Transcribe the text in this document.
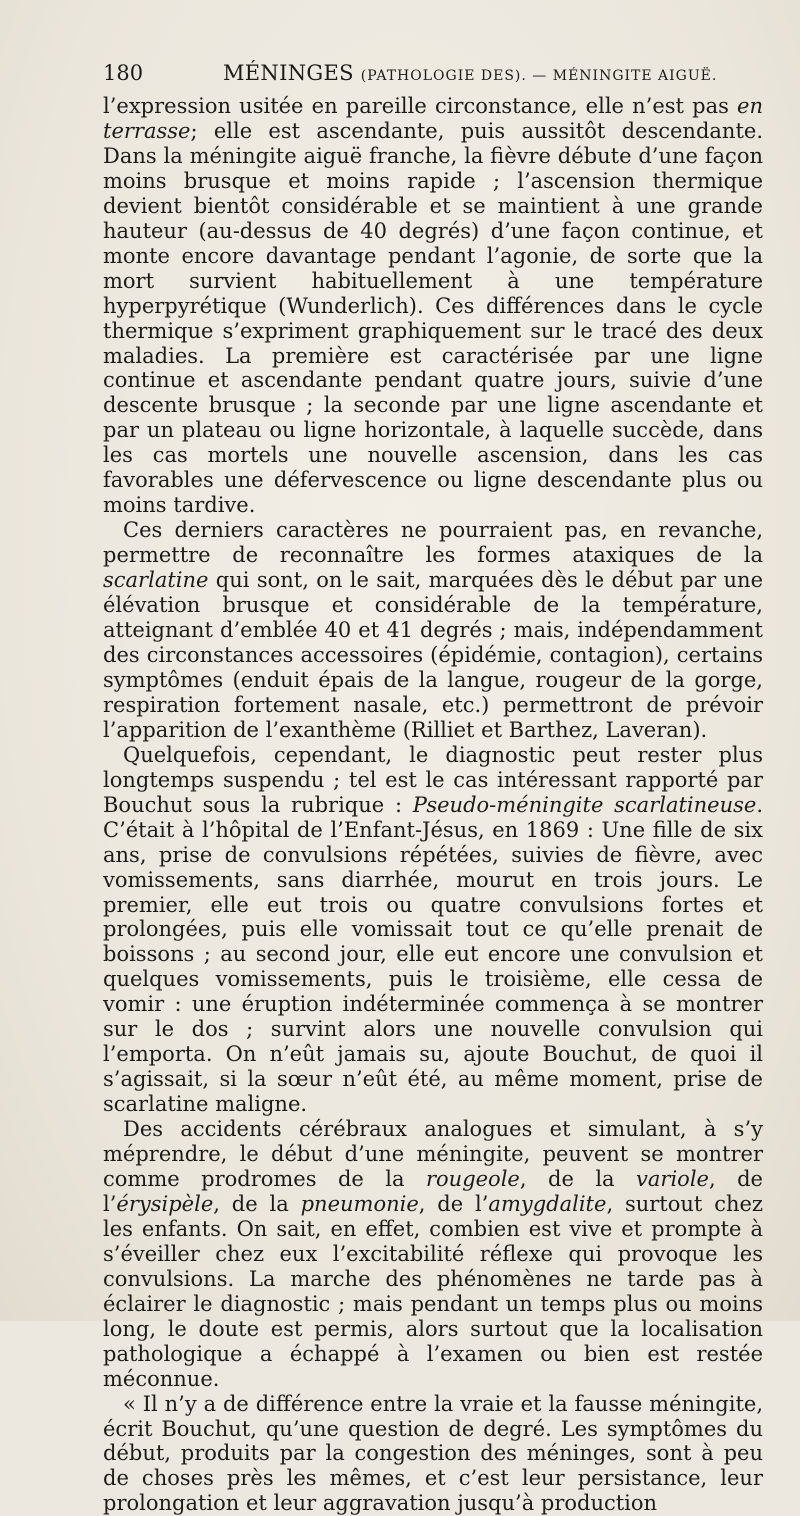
180	MÉNINGES (PATHOLOGIE DES). — MÉNINGITE AIGUË.

l’expression usitée en pareille circonstance, elle n’est pas en terrasse; elle est ascendante, puis aussitôt descendante. Dans la méningite aiguë franche, la fièvre débute d’une façon moins brusque et moins rapide ; l’ascension thermique devient bientôt considérable et se maintient à une grande hauteur (au-dessus de 40 degrés) d’une façon continue, et monte encore davantage pendant l’agonie, de sorte que la mort survient habituellement à une température hyperpyrétique (Wunderlich). Ces différences dans le cycle thermique s’expriment graphiquement sur le tracé des deux maladies. La première est caractérisée par une ligne continue et ascendante pendant quatre jours, suivie d’une descente brusque ; la seconde par une ligne ascendante et par un plateau ou ligne horizontale, à laquelle succède, dans les cas mortels une nouvelle ascension, dans les cas favorables une défervescence ou ligne descendante plus ou moins tardive.

Ces derniers caractères ne pourraient pas, en revanche, permettre de reconnaître les formes ataxiques de la scarlatine qui sont, on le sait, marquées dès le début par une élévation brusque et considérable de la température, atteignant d’emblée 40 et 41 degrés ; mais, indépendamment des circonstances accessoires (épidémie, contagion), certains symptômes (enduit épais de la langue, rougeur de la gorge, respiration fortement nasale, etc.) permettront de prévoir l’apparition de l’exanthème (Rilliet et Barthez, Laveran).

Quelquefois, cependant, le diagnostic peut rester plus longtemps suspendu ; tel est le cas intéressant rapporté par Bouchut sous la rubrique : Pseudo-méningite scarlatineuse. C’était à l’hôpital de l’Enfant-Jésus, en 1869 : Une fille de six ans, prise de convulsions répétées, suivies de fièvre, avec vomissements, sans diarrhée, mourut en trois jours. Le premier, elle eut trois ou quatre convulsions fortes et prolongées, puis elle vomissait tout ce qu’elle prenait de boissons ; au second jour, elle eut encore une convulsion et quelques vomissements, puis le troisième, elle cessa de vomir : une éruption indéterminée commença à se montrer sur le dos ; survint alors une nouvelle convulsion qui l’emporta. On n’eût jamais su, ajoute Bouchut, de quoi il s’agissait, si la sœur n’eût été, au même moment, prise de scarlatine maligne.

Des accidents cérébraux analogues et simulant, à s’y méprendre, le début d’une méningite, peuvent se montrer comme prodromes de la rougeole, de la variole, de l’érysipèle, de la pneumonie, de l’amygdalite, surtout chez les enfants. On sait, en effet, combien est vive et prompte à s’éveiller chez eux l’excitabilité réflexe qui provoque les convulsions. La marche des phénomènes ne tarde pas à éclairer le diagnostic ; mais pendant un temps plus ou moins long, le doute est permis, alors surtout que la localisation pathologique a échappé à l’examen ou bien est restée méconnue.

« Il n’y a de différence entre la vraie et la fausse méningite, écrit Bouchut, qu’une question de degré. Les symptômes du début, produits par la congestion des méninges, sont à peu de choses près les mêmes, et c’est leur persistance, leur prolongation et leur aggravation jusqu’à production
